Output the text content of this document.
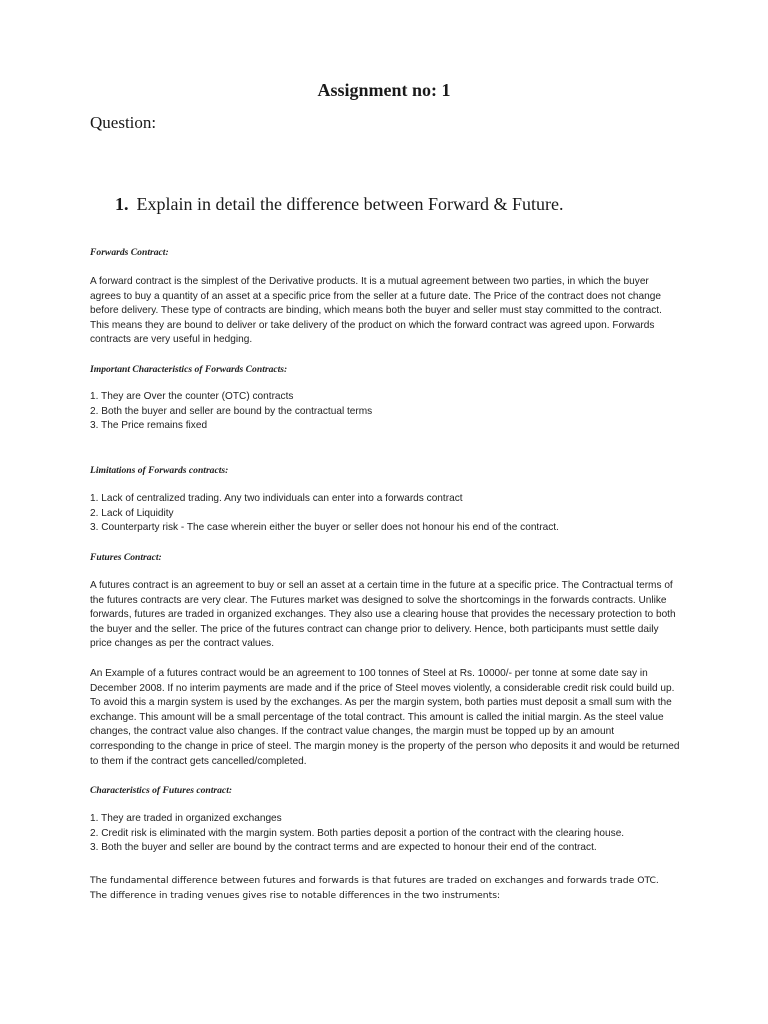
Assignment no: 1
Question:
1. Explain in detail the difference between Forward & Future.
Forwards Contract:

A forward contract is the simplest of the Derivative products. It is a mutual agreement between two parties, in which the buyer

agrees to buy a quantity of an asset at a specific price from the seller at a future date. The Price of the contract does not change

before delivery. These type of contracts are binding, which means both the buyer and seller must stay committed to the contract.

This means they are bound to deliver or take delivery of the product on which the forward contract was agreed upon. Forwards

contracts are very useful in hedging.

Important Characteristics of Forwards Contracts:
1. They are Over the counter (OTC) contracts
2. Both the buyer and seller are bound by the contractual terms
3. The Price remains fixed
Limitations of Forwards contracts:
1. Lack of centralized trading. Any two individuals can enter into a forwards contract
2. Lack of Liquidity
3. Counterparty risk - The case wherein either the buyer or seller does not honour his end of the contract.
Futures Contract:

A futures contract is an agreement to buy or sell an asset at a certain time in the future at a specific price. The Contractual terms of

the futures contracts are very clear. The Futures market was designed to solve the shortcomings in the forwards contracts. Unlike

forwards, futures are traded in organized exchanges. They also use a clearing house that provides the necessary protection to both

the buyer and the seller. The price of the futures contract can change prior to delivery. Hence, both participants must settle daily

price changes as per the contract values.

An Example of a futures contract would be an agreement to 100 tonnes of Steel at Rs. 10000/- per tonne at some date say in

December 2008. If no interim payments are made and if the price of Steel moves violently, a considerable credit risk could build up.

To avoid this a margin system is used by the exchanges. As per the margin system, both parties must deposit a small sum with the

exchange. This amount will be a small percentage of the total contract. This amount is called the initial margin. As the steel value

changes, the contract value also changes. If the contract value changes, the margin must be topped up by an amount

corresponding to the change in price of steel. The margin money is the property of the person who deposits it and would be returned

to them if the contract gets cancelled/completed.

Characteristics of Futures contract:
1. They are traded in organized exchanges
2. Credit risk is eliminated with the margin system. Both parties deposit a portion of the contract with the clearing house.
3. Both the buyer and seller are bound by the contract terms and are expected to honour their end of the contract.

The fundamental difference between futures and forwards is that futures are traded on exchanges and forwards trade OTC.

The difference in trading venues gives rise to notable differences in the two instruments:
